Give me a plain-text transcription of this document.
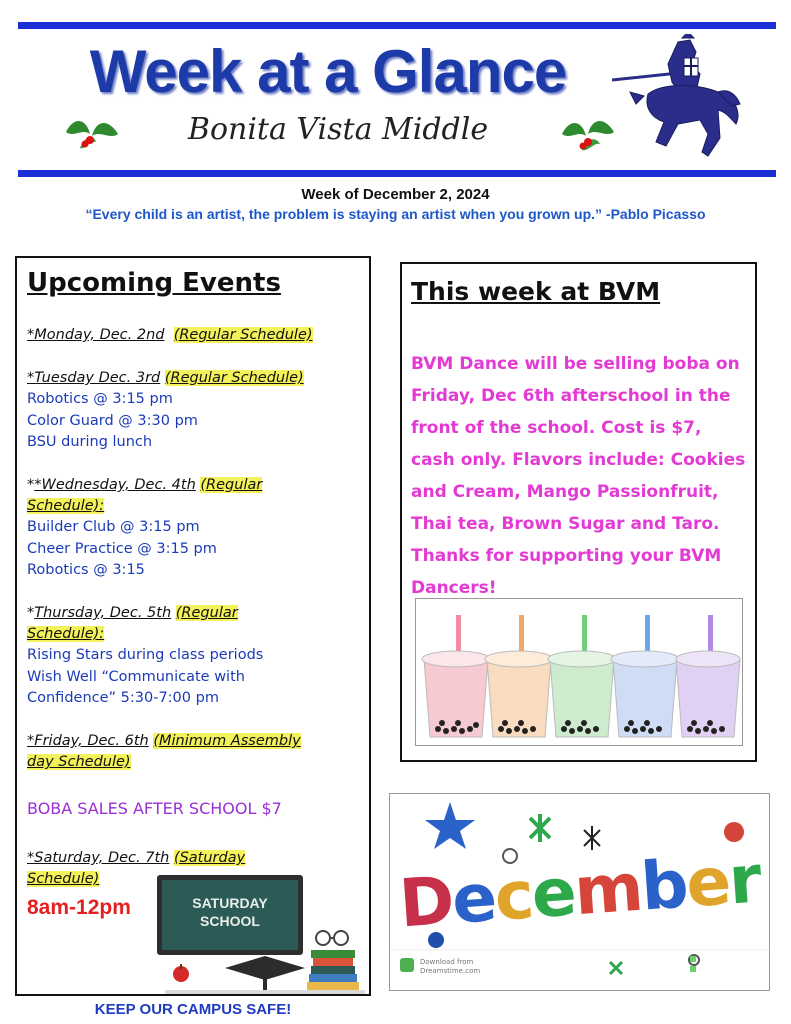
Week at a Glance
Bonita Vista Middle
Week of December 2, 2024
“Every child is an artist, the problem is staying an artist when you grown up.” -Pablo Picasso
Upcoming Events
*Monday, Dec. 2nd (Regular Schedule)
*Tuesday Dec. 3rd (Regular Schedule)
Robotics @ 3:15 pm
Color Guard @ 3:30 pm
BSU during lunch
**Wednesday, Dec. 4th (Regular
Schedule):
Builder Club @ 3:15 pm
Cheer Practice @ 3:15 pm
Robotics @ 3:15
*Thursday, Dec. 5th (Regular
Schedule):
Rising Stars during class periods
Wish Well “Communicate with
Confidence” 5:30-7:00 pm
*Friday, Dec. 6th (Minimum Assembly
day Schedule)
BOBA SALES AFTER SCHOOL $7
*Saturday, Dec. 7th (Saturday
Schedule)
8am-12pm	SATURDAY
SCHOOL
KEEP OUR CAMPUS SAFE!
This week at BVM
BVM Dance will be selling boba on Friday, Dec 6th afterschool in the front of the school. Cost is $7, cash only. Flavors include: Cookies and Cream, Mango Passionfruit, Thai tea, Brown Sugar and Taro. Thanks for supporting your BVM Dancers!
December
Download from
Dreamstime.com
